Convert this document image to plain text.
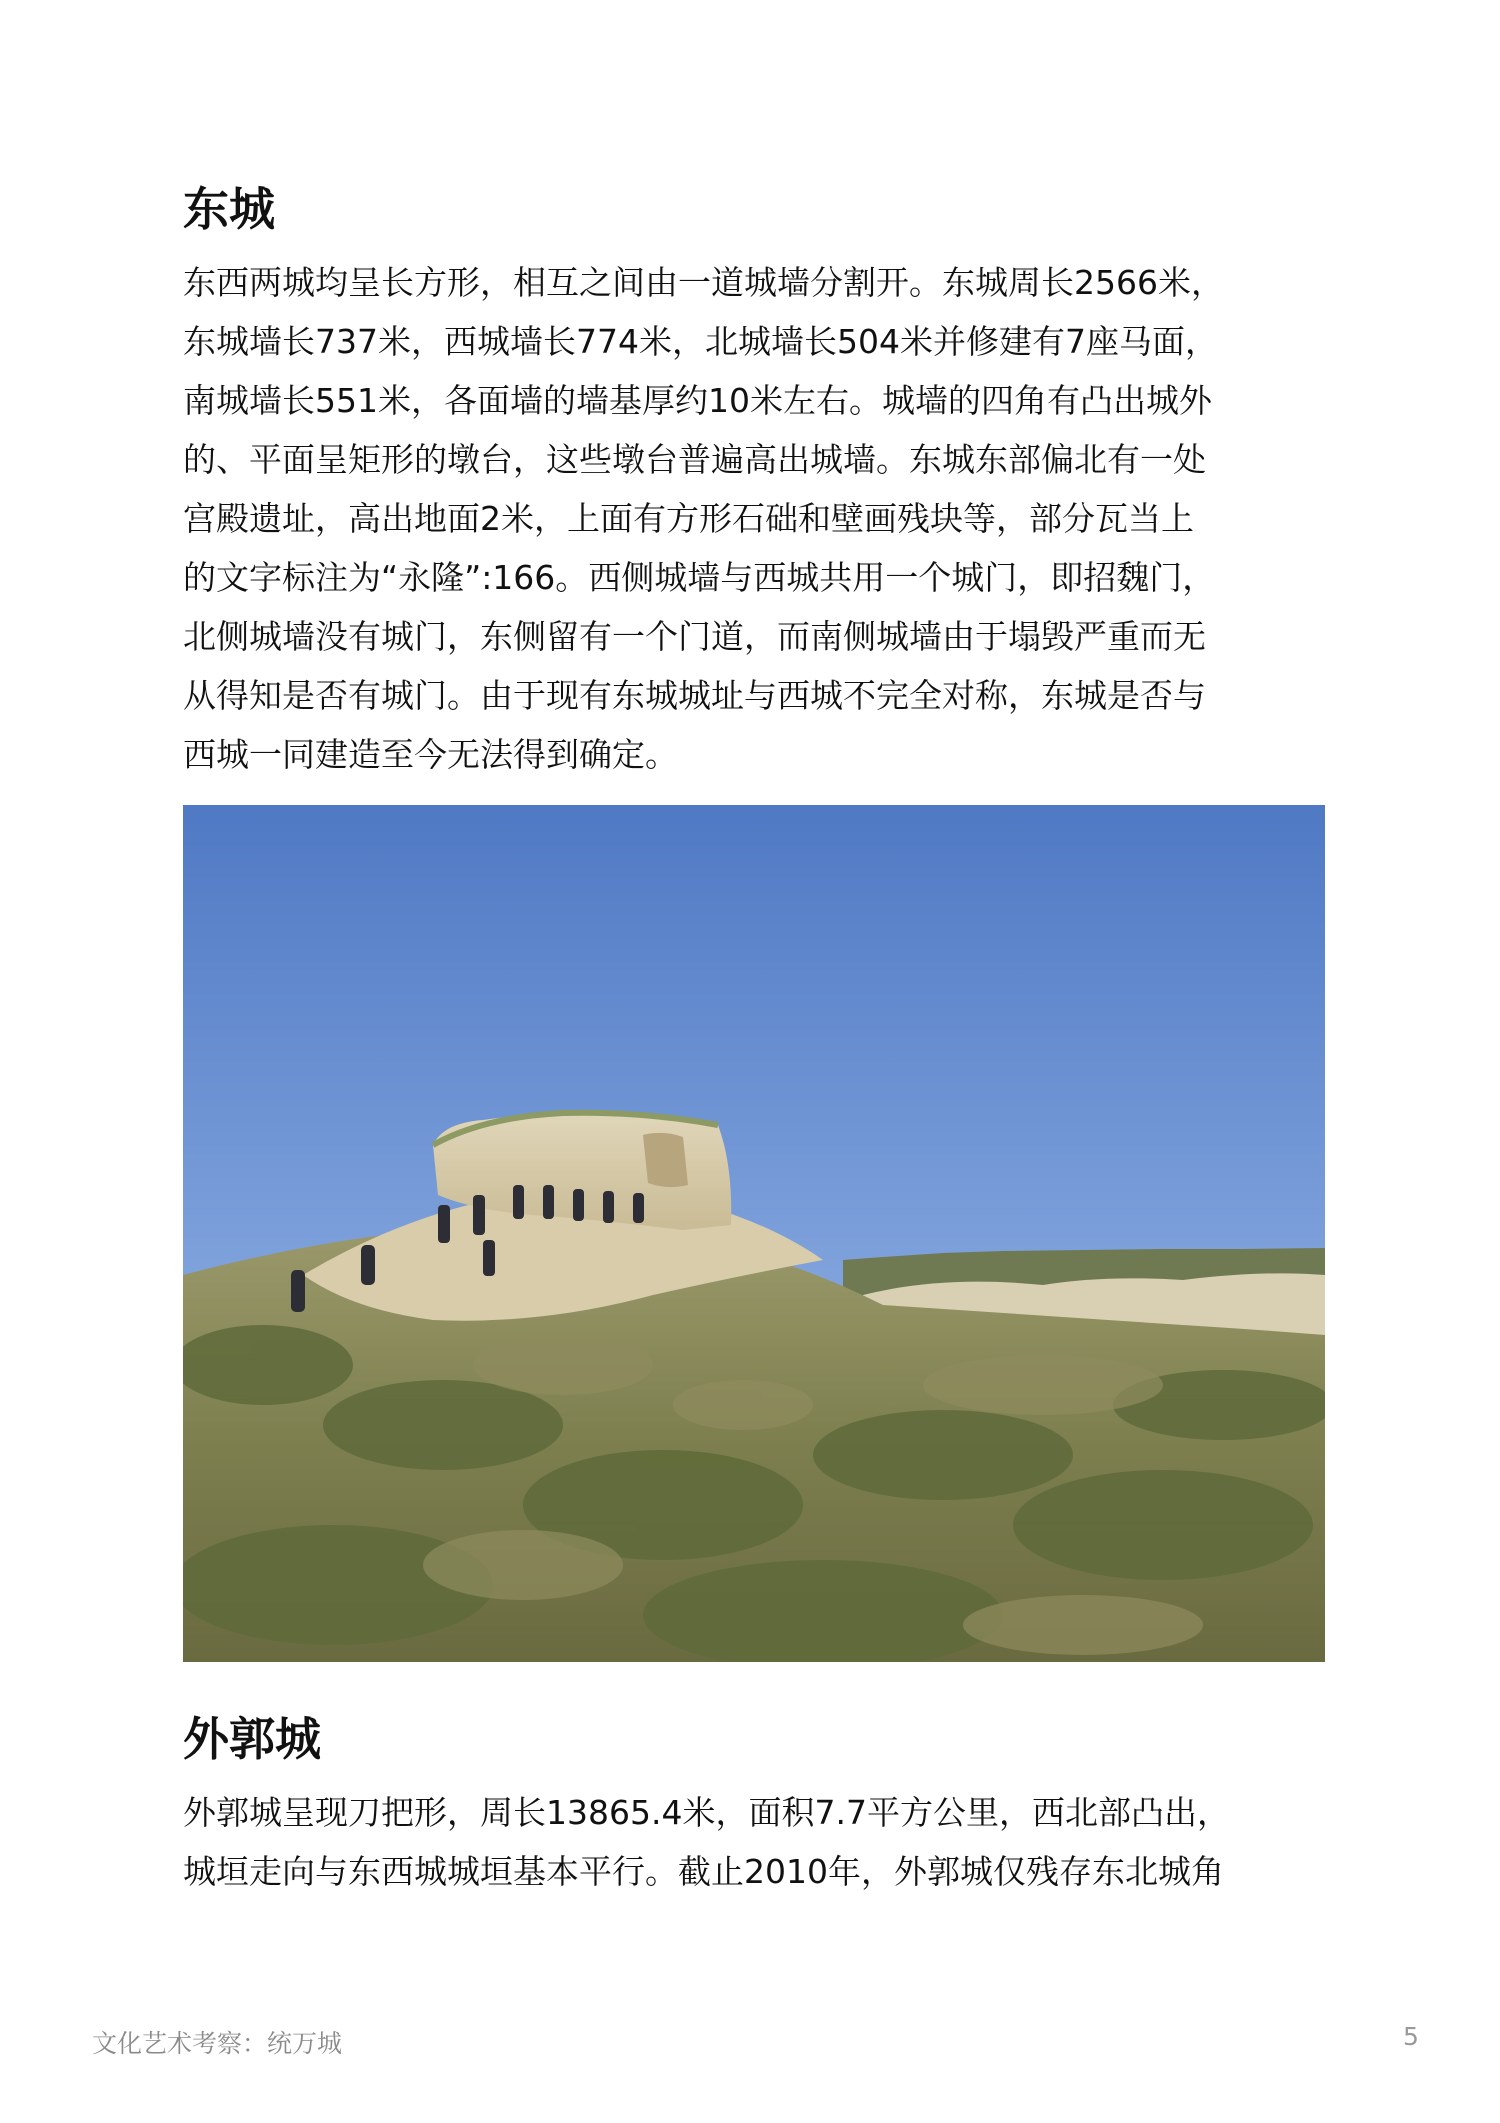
东城
东西两城均呈长方形，相互之间由一道城墙分割开。东城周长2566米，
东城墙长737米，西城墙长774米，北城墙长504米并修建有7座马面，
南城墙长551米，各面墙的墙基厚约10米左右。城墙的四角有凸出城外
的、平面呈矩形的墩台，这些墩台普遍高出城墙。东城东部偏北有一处
宫殿遗址，高出地面2米，上面有方形石础和壁画残块等，部分瓦当上
的文字标注为“永隆”:166。西侧城墙与西城共用一个城门，即招魏门，
北侧城墙没有城门，东侧留有一个门道，而南侧城墙由于塌毁严重而无
从得知是否有城门。由于现有东城城址与西城不完全对称，东城是否与
西城一同建造至今无法得到确定。
外郭城
外郭城呈现刀把形，周长13865.4米，面积7.7平方公里，西北部凸出，
城垣走向与东西城城垣基本平行。截止2010年，外郭城仅残存东北城角
文化艺术考察：统万城	5
